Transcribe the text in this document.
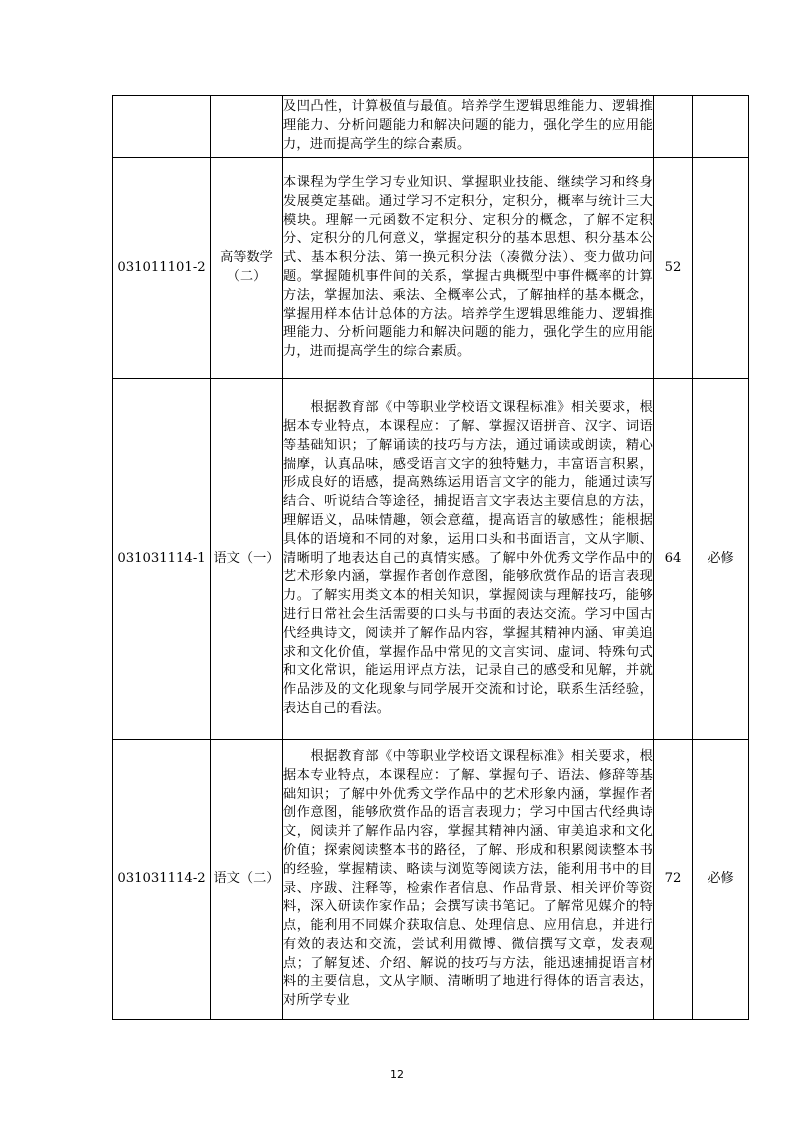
		及凹凸性，计算极值与最值。培养学生逻辑思维能力、逻辑推理能力、分析问题能力和解决问题的能力，强化学生的应用能力，进而提高学生的综合素质。		
031011101-2	高等数学（二）	本课程为学生学习专业知识、掌握职业技能、继续学习和终身发展奠定基础。通过学习不定积分，定积分，概率与统计三大模块。理解一元函数不定积分、定积分的概念，了解不定积分、定积分的几何意义，掌握定积分的基本思想、积分基本公式、基本积分法、第一换元积分法（凑微分法）、变力做功问题。掌握随机事件间的关系，掌握古典概型中事件概率的计算方法，掌握加法、乘法、全概率公式，了解抽样的基本概念，掌握用样本估计总体的方法。培养学生逻辑思维能力、逻辑推理能力、分析问题能力和解决问题的能力，强化学生的应用能力，进而提高学生的综合素质。	52	
031031114-1	语文（一）	　　根据教育部《中等职业学校语文课程标准》相关要求，根据本专业特点，本课程应：了解、掌握汉语拼音、汉字、词语等基础知识；了解诵读的技巧与方法，通过诵读或朗读，精心揣摩，认真品味，感受语言文字的独特魅力，丰富语言积累，形成良好的语感，提高熟练运用语言文字的能力，能通过读写结合、听说结合等途径，捕捉语言文字表达主要信息的方法，理解语义，品味情趣，领会意蕴，提高语言的敏感性；能根据具体的语境和不同的对象，运用口头和书面语言，文从字顺、清晰明了地表达自己的真情实感。了解中外优秀文学作品中的艺术形象内涵，掌握作者创作意图，能够欣赏作品的语言表现力。了解实用类文本的相关知识，掌握阅读与理解技巧，能够进行日常社会生活需要的口头与书面的表达交流。学习中国古代经典诗文，阅读并了解作品内容，掌握其精神内涵、审美追求和文化价值，掌握作品中常见的文言实词、虚词、特殊句式和文化常识，能运用评点方法，记录自己的感受和见解，并就作品涉及的文化现象与同学展开交流和讨论，联系生活经验，表达自己的看法。	64	必修
031031114-2	语文（二）	　　根据教育部《中等职业学校语文课程标准》相关要求，根据本专业特点，本课程应：了解、掌握句子、语法、修辞等基础知识；了解中外优秀文学作品中的艺术形象内涵，掌握作者创作意图，能够欣赏作品的语言表现力；学习中国古代经典诗文，阅读并了解作品内容，掌握其精神内涵、审美追求和文化价值；探索阅读整本书的路径，了解、形成和积累阅读整本书的经验，掌握精读、略读与浏览等阅读方法，能利用书中的目录、序跋、注释等，检索作者信息、作品背景、相关评价等资料，深入研读作家作品；会撰写读书笔记。了解常见媒介的特点，能利用不同媒介获取信息、处理信息、应用信息，并进行有效的表达和交流，尝试利用微博、微信撰写文章，发表观点；了解复述、介绍、解说的技巧与方法，能迅速捕捉语言材料的主要信息，文从字顺、清晰明了地进行得体的语言表达，对所学专业	72	必修
12
